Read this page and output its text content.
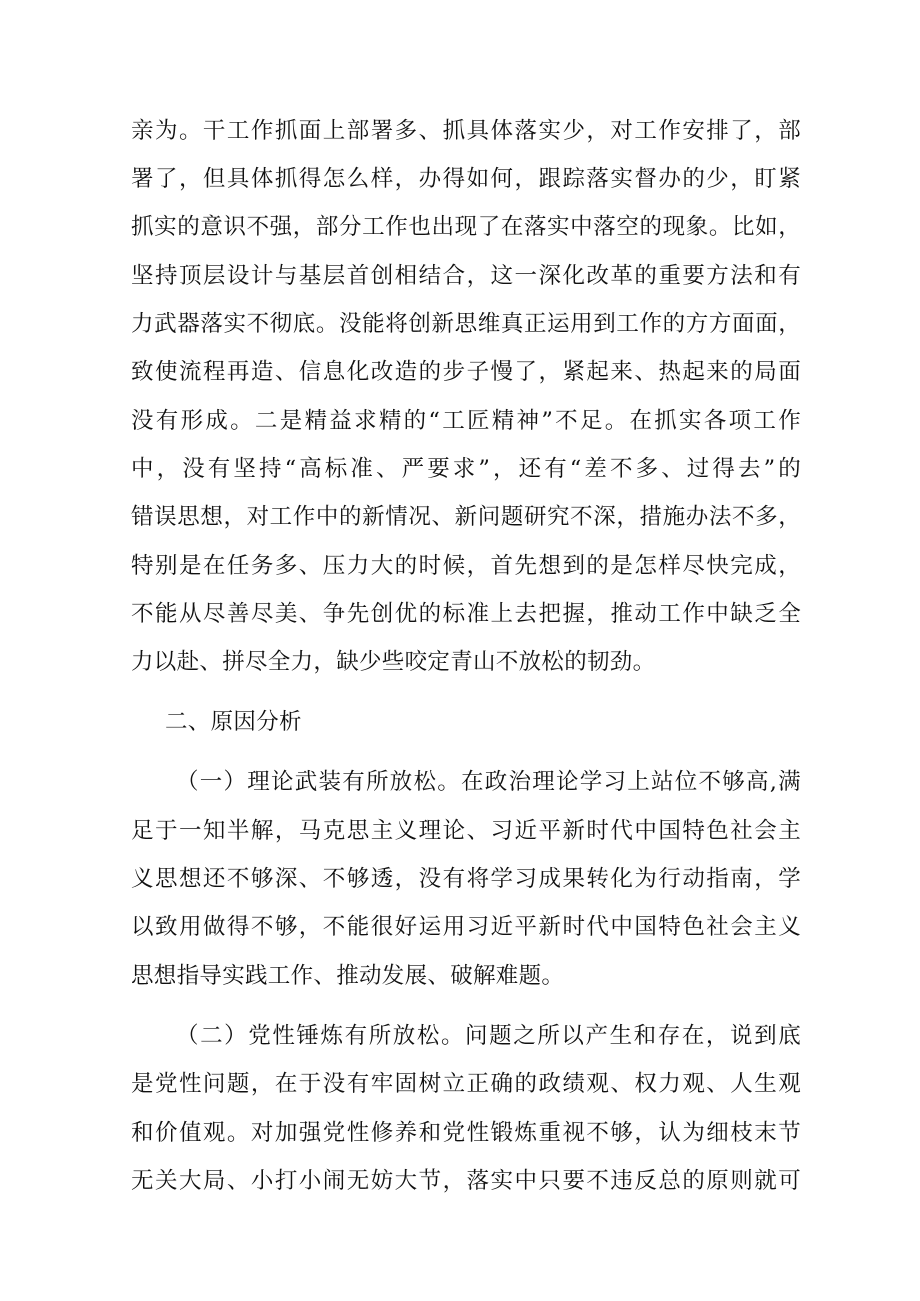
亲为。干工作抓面上部署多、抓具体落实少，对工作安排了，部
署了，但具体抓得怎么样，办得如何，跟踪落实督办的少，盯紧
抓实的意识不强，部分工作也出现了在落实中落空的现象。比如，
坚持顶层设计与基层首创相结合，这一深化改革的重要方法和有
力武器落实不彻底。没能将创新思维真正运用到工作的方方面面，
致使流程再造、信息化改造的步子慢了，紧起来、热起来的局面
没有形成。二是精益求精的“工匠精神”不足。在抓实各项工作
中，没有坚持“高标准、严要求”，还有“差不多、过得去”的
错误思想，对工作中的新情况、新问题研究不深，措施办法不多，
特别是在任务多、压力大的时候，首先想到的是怎样尽快完成，
不能从尽善尽美、争先创优的标准上去把握，推动工作中缺乏全
力以赴、拼尽全力，缺少些咬定青山不放松的韧劲。
二、原因分析
（一）理论武装有所放松。在政治理论学习上站位不够高,满
足于一知半解，马克思主义理论、习近平新时代中国特色社会主
义思想还不够深、不够透，没有将学习成果转化为行动指南，学
以致用做得不够，不能很好运用习近平新时代中国特色社会主义
思想指导实践工作、推动发展、破解难题。
（二）党性锤炼有所放松。问题之所以产生和存在，说到底
是党性问题，在于没有牢固树立正确的政绩观、权力观、人生观
和价值观。对加强党性修养和党性锻炼重视不够，认为细枝末节
无关大局、小打小闹无妨大节，落实中只要不违反总的原则就可
